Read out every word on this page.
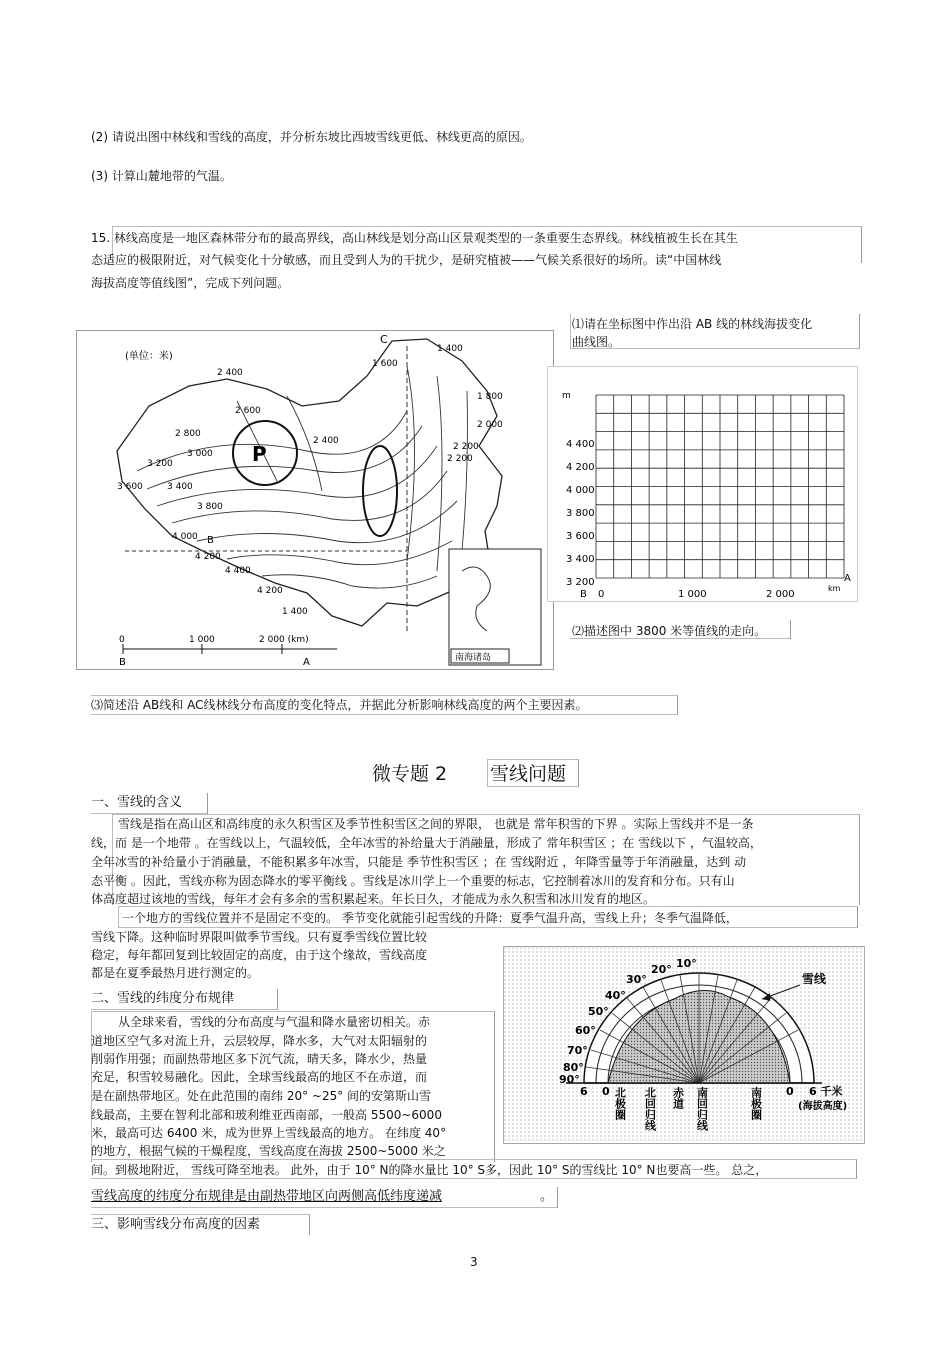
(2) 请说出图中林线和雪线的高度，并分析东坡比西坡雪线更低、林线更高的原因。
(3) 计算山麓地带的气温。
15. 林线高度是一地区森林带分布的最高界线，高山林线是划分高山区景观类型的一条重要生态界线。林线植被生长在其生
态适应的极限附近，对气候变化十分敏感，而且受到人为的干扰少，是研究植被——气候关系很好的场所。读“中国林线
海拔高度等值线图”，完成下列问题。
(单位：米)
P
C
2 400
2 600
2 800
3 000
3 200
3 400
3 600
3 800
4 000
4 200
4 400
4 200
2 400
2 200
1 600
1 400
1 800
2 000
2 200
1 400
B
南海诸岛
0	1 000	2 000 (km)
B	A
⑴请在坐标图中作出沿 AB 线的林线海拔变化
曲线图。
m
4 400
4 200
4 000
3 800
3 600
3 400
3 200
B 0	1 000	2 000
km
A
⑵描述图中 3800 米等值线的走向。
⑶简述沿 AB线和 AC线林线分布高度的变化特点，并据此分析影响林线高度的两个主要因素。
微专题 2 雪线问题
一、雪线的含义
雪线是指在高山区和高纬度的永久积雪区及季节性积雪区之间的界限， 也就是 常年积雪的下界 。实际上雪线并不是一条
线，而 是一个地带 。在雪线以上，气温较低，全年冰雪的补给量大于消融量，形成了 常年积雪区 ；在 雪线以下 ，气温较高，
全年冰雪的补给量小于消融量，不能积累多年冰雪，只能是 季节性积雪区 ；在 雪线附近 ，年降雪量等于年消融量，达到 动
态平衡 。因此，雪线亦称为固态降水的零平衡线 。雪线是冰川学上一个重要的标志，它控制着冰川的发育和分布。只有山
体高度超过该地的雪线，每年才会有多余的雪积累起来。年长日久，才能成为永久积雪和冰川发育的地区。
一个地方的雪线位置并不是固定不变的。 季节变化就能引起雪线的升降：夏季气温升高，雪线上升；冬季气温降低，
雪线下降。这种临时界限叫做季节雪线。只有夏季雪线位置比较
稳定，每年都回复到比较固定的高度，由于这个缘故，雪线高度
都是在夏季最热月进行测定的。
二、雪线的纬度分布规律
从全球来看，雪线的分布高度与气温和降水量密切相关。赤
道地区空气多对流上升，云层较厚，降水多，大气对太阳辐射的
削弱作用强；而副热带地区多下沉气流，晴天多，降水少，热量
充足，积雪较易融化。因此，全球雪线最高的地区不在赤道，而
是在副热带地区。处在此范围的南纬 20° ~25° 间的安第斯山雪
线最高，主要在智利北部和玻利维亚西南部，一般高 5500~6000
米，最高可达 6400 米，成为世界上雪线最高的地方。 在纬度 40°
的地方，根据气候的干燥程度，雪线高度在海拔 2500~5000 米之
间。到极地附近， 雪线可降至地表。 此外，由于 10° N的降水量比 10° S多，因此 10° S的雪线比 10° N也要高一些。 总之，
雪线高度的纬度分布规律是由副热带地区向两侧高低纬度递减	。
三、影响雪线分布高度的因素
3
10°
20°
30°
40°
50°
60°
70°
80°
90°
雪线
6 0	0 6 千米
(海拔高度)
北极圈 北回归线 赤道 南回归线	南极圈
